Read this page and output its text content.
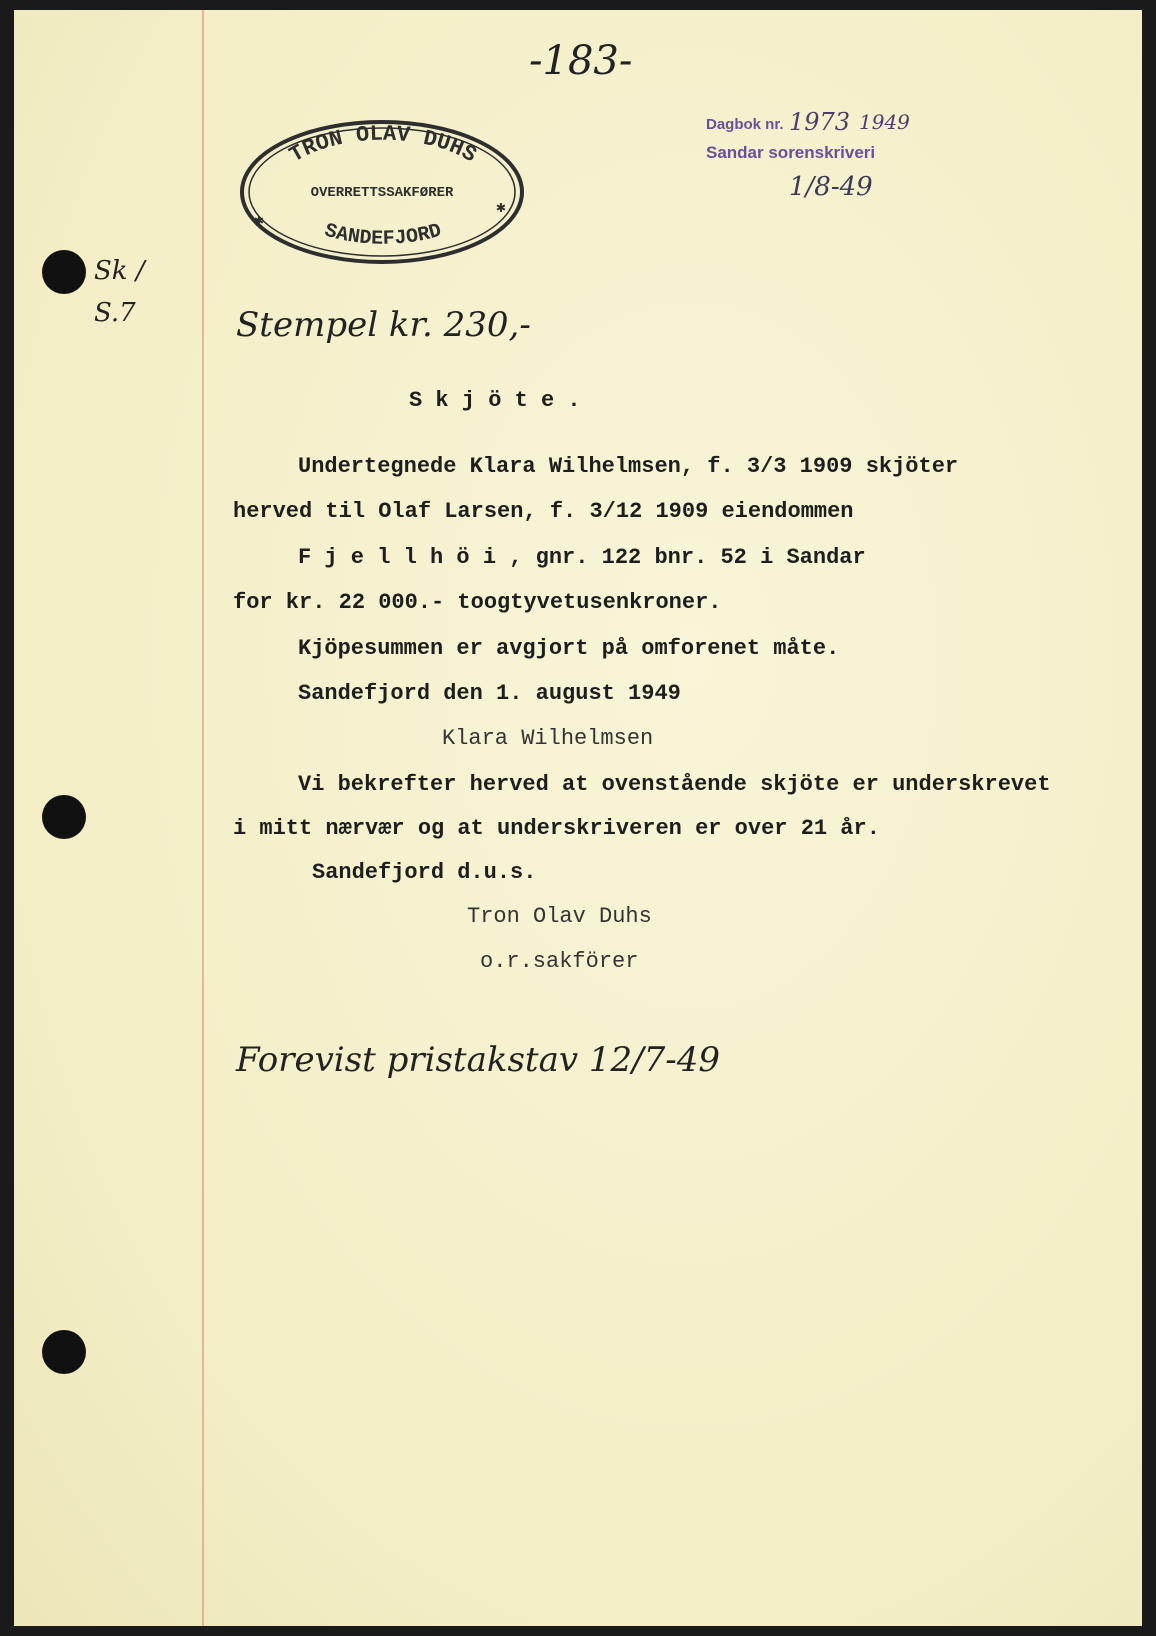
-183-
TRON OLAV DUHS
OVERRETTSSAKFØRER
SANDEFJORD
✱
✱
Dagbok nr. 1973 1949
Sandar sorenskriveri
1/8-49
Sk / S.7	Stempel kr. 230,-
S k j ö t e .
Undertegnede Klara Wilhelmsen, f. 3/3 1909 skjöter
herved til Olaf Larsen, f. 3/12 1909 eiendommen
F j e l l h ö i , gnr. 122 bnr. 52 i Sandar
for kr. 22 000.- toogtyvetusenkroner.
Kjöpesummen er avgjort på omforenet måte.
Sandefjord den 1. august 1949
Klara Wilhelmsen
Vi bekrefter herved at ovenstående skjöte er underskrevet
i mitt nærvær og at underskriveren er over 21 år.
Sandefjord d.u.s.
Tron Olav Duhs
o.r.sakförer
Forevist pristakstav 12/7-49
